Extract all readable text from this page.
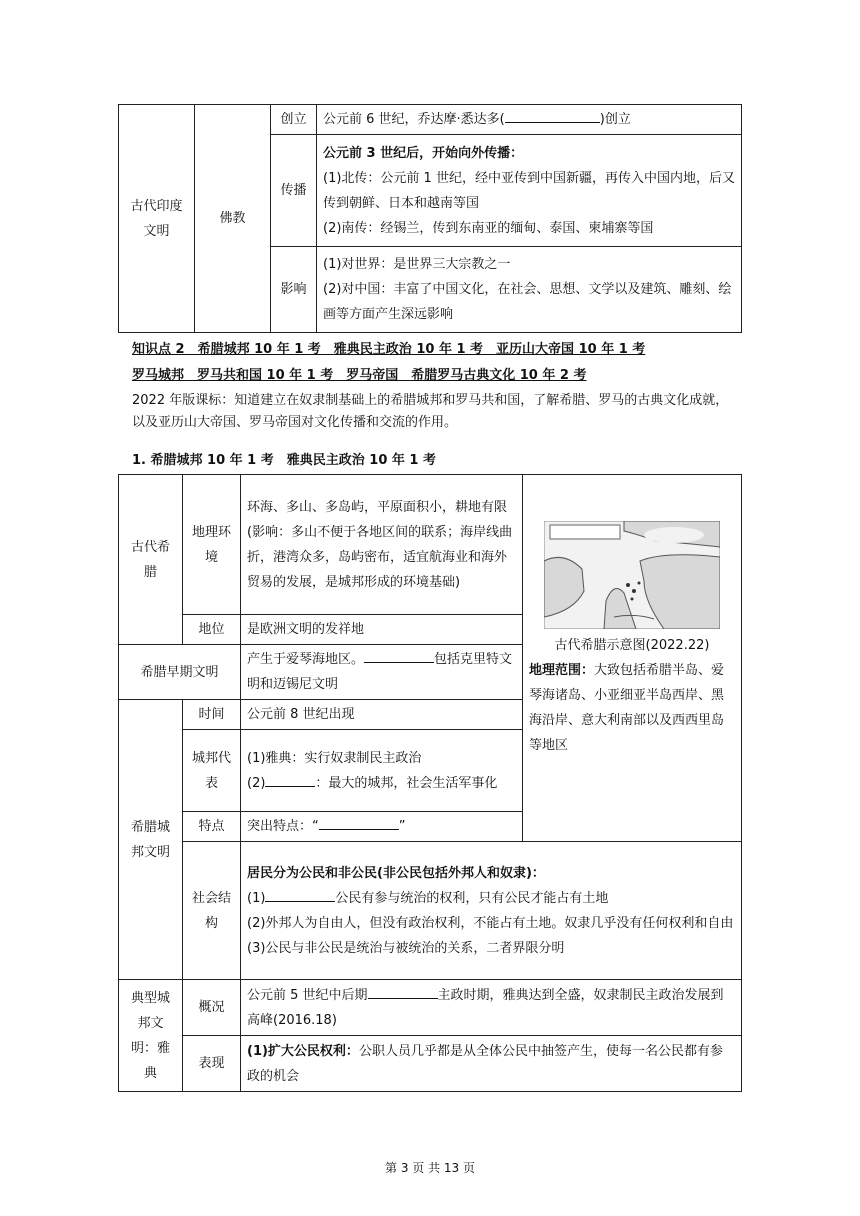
古代印度文明	佛教	创立	公元前 6 世纪，乔达摩·悉达多( )创立
		传播	公元前 3 世纪后，开始向外传播：
(1)北传：公元前 1 世纪，经中亚传到中国新疆，再传入中国内地，后又传到朝鲜、日本和越南等国
(2)南传：经锡兰，传到东南亚的缅甸、泰国、柬埔寨等国

		影响	(1)对世界：是世界三大宗教之一
(2)对中国：丰富了中国文化，在社会、思想、文学以及建筑、雕刻、绘画等方面产生深远影响
知识点 2　希腊城邦 10 年 1 考　雅典民主政治 10 年 1 考　亚历山大帝国 10 年 1 考
罗马城邦　罗马共和国 10 年 1 考　罗马帝国　希腊罗马古典文化 10 年 2 考
2022 年版课标：知道建立在奴隶制基础上的希腊城邦和罗马共和国，了解希腊、罗马的古典文化成就，以及亚历山大帝国、罗马帝国对文化传播和交流的作用。
1. 希腊城邦 10 年 1 考　雅典民主政治 10 年 1 考
古代希腊	地理环境	环海、多山、多岛屿，平原面积小，耕地有限(影响：多山不便于各地区间的联系；海岸线曲折，港湾众多，岛屿密布，适宜航海业和海外贸易的发展，是城邦形成的环境基础)	古代希腊示意图(2022.22)
地理范围：大致包括希腊半岛、爱琴海诸岛、小亚细亚半岛西岸、黑海沿岸、意大利南部以及西西里岛等地区

	地位	是欧洲文明的发祥地	
希腊早期文明		产生于爱琴海地区。 包括克里特文明和迈锡尼文明	
希腊城邦文明	时间	公元前 8 世纪出现	
	城邦代表	(1)雅典：实行奴隶制民主政治
(2) ：最大的城邦，社会生活军事化	

	特点	突出特点：“ ”	
	社会结构	居民分为公民和非公民(非公民包括外邦人和奴隶)：
(1) 公民有参与统治的权利，只有公民才能占有土地
(2)外邦人为自由人，但没有政治权利，不能占有土地。奴隶几乎没有任何权利和自由
(3)公民与非公民是统治与被统治的关系，二者界限分明	

典型城邦文明：雅典	概况	公元前 5 世纪中后期 主政时期，雅典达到全盛，奴隶制民主政治发展到高峰(2016.18)	
	表现	(1)扩大公民权利：公职人员几乎都是从全体公民中抽签产生，使每一名公民都有参政的机会	
第 3 页 共 13 页
